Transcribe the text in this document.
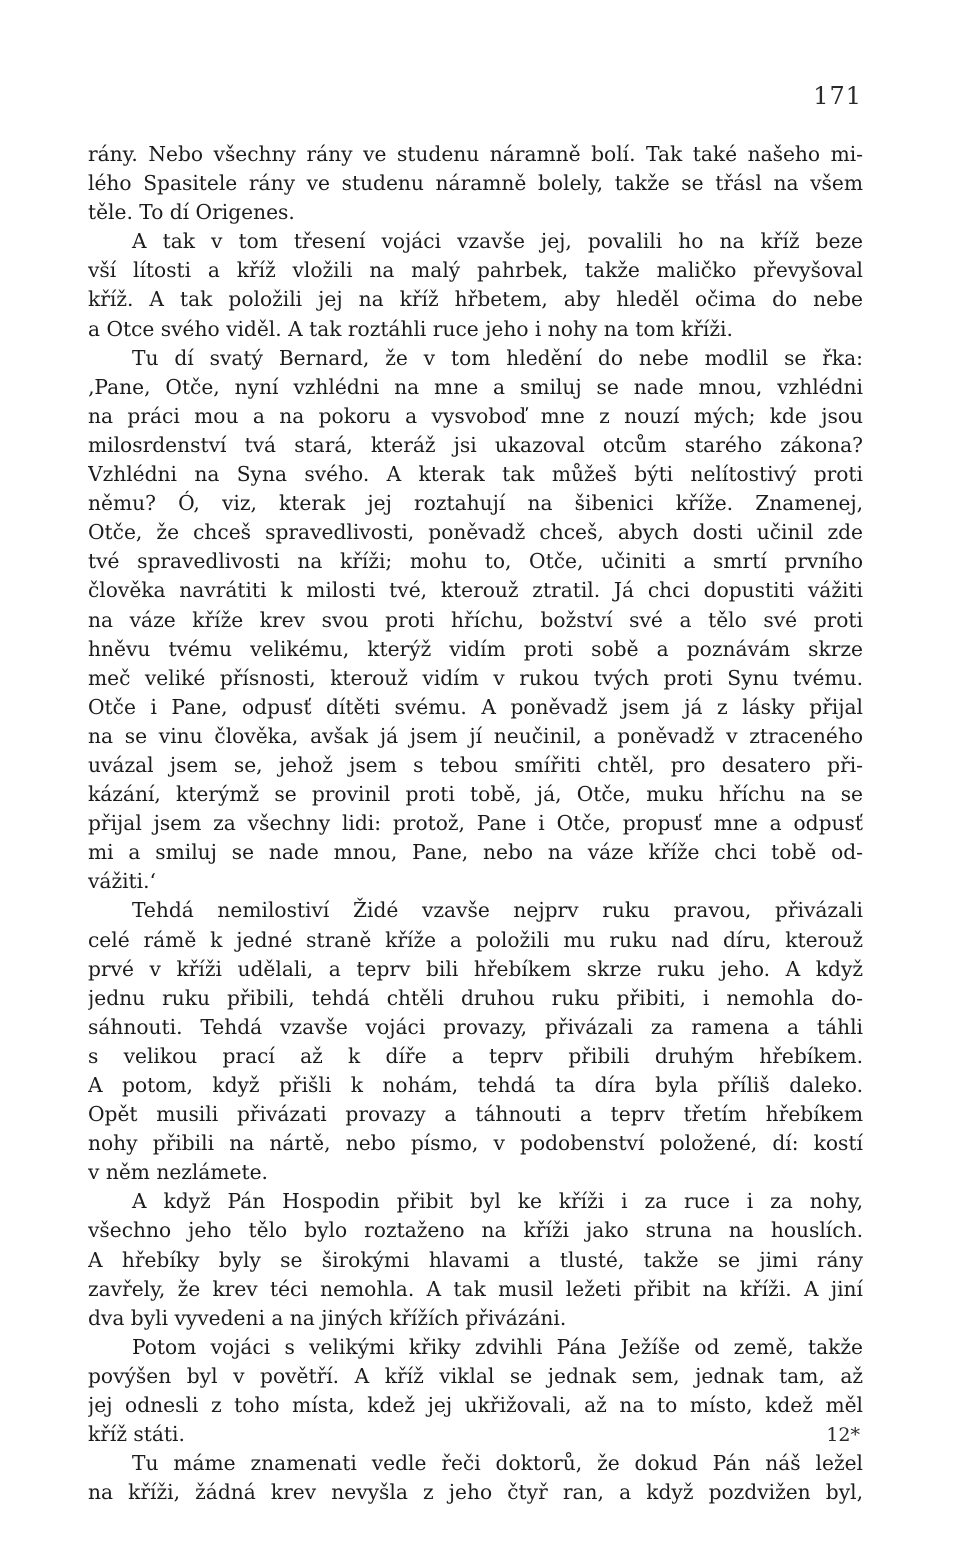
171
rány. Nebo všechny rány ve studenu náramně bolí. Tak také našeho mi-
lého Spasitele rány ve studenu náramně bolely, takže se třásl na všem
těle. To dí Origenes.
A tak v tom třesení vojáci vzavše jej, povalili ho na kříž beze
vší lítosti a kříž vložili na malý pahrbek, takže maličko převyšoval
kříž. A tak položili jej na kříž hřbetem, aby hleděl očima do nebe
a Otce svého viděl. A tak roztáhli ruce jeho i nohy na tom kříži.
Tu dí svatý Bernard, že v tom hledění do nebe modlil se řka:
‚Pane, Otče, nyní vzhlédni na mne a smiluj se nade mnou, vzhlédni
na práci mou a na pokoru a vysvoboď mne z nouzí mých; kde jsou
milosrdenství tvá stará, kteráž jsi ukazoval otcům starého zákona?
Vzhlédni na Syna svého. A kterak tak můžeš býti nelítostivý proti
němu? Ó, viz, kterak jej roztahují na šibenici kříže. Znamenej,
Otče, že chceš spravedlivosti, poněvadž chceš, abych dosti učinil zde
tvé spravedlivosti na kříži; mohu to, Otče, učiniti a smrtí prvního
člověka navrátiti k milosti tvé, kterouž ztratil. Já chci dopustiti vážiti
na váze kříže krev svou proti hříchu, božství své a tělo své proti
hněvu tvému velikému, kterýž vidím proti sobě a poznávám skrze
meč veliké přísnosti, kterouž vidím v rukou tvých proti Synu tvému.
Otče i Pane, odpusť dítěti svému. A poněvadž jsem já z lásky přijal
na se vinu člověka, avšak já jsem jí neučinil, a poněvadž v ztraceného
uvázal jsem se, jehož jsem s tebou smířiti chtěl, pro desatero při-
kázání, kterýmž se provinil proti tobě, já, Otče, muku hříchu na se
přijal jsem za všechny lidi: protož, Pane i Otče, propusť mne a odpusť
mi a smiluj se nade mnou, Pane, nebo na váze kříže chci tobě od-
vážiti.‘
Tehdá nemilostiví Židé vzavše nejprv ruku pravou, přivázali
celé rámě k jedné straně kříže a položili mu ruku nad díru, kterouž
prvé v kříži udělali, a teprv bili hřebíkem skrze ruku jeho. A když
jednu ruku přibili, tehdá chtěli druhou ruku přibiti, i nemohla do-
sáhnouti. Tehdá vzavše vojáci provazy, přivázali za ramena a táhli
s velikou prací až k díře a teprv přibili druhým hřebíkem.
A potom, když přišli k nohám, tehdá ta díra byla příliš daleko.
Opět musili přivázati provazy a táhnouti a teprv třetím hřebíkem
nohy přibili na nártě, nebo písmo, v podobenství položené, dí: kostí
v něm nezlámete.
A když Pán Hospodin přibit byl ke kříži i za ruce i za nohy,
všechno jeho tělo bylo roztaženo na kříži jako struna na houslích.
A hřebíky byly se širokými hlavami a tlusté, takže se jimi rány
zavřely, že krev téci nemohla. A tak musil ležeti přibit na kříži. A jiní
dva byli vyvedeni a na jiných křížích přivázáni.
Potom vojáci s velikými křiky zdvihli Pána Ježíše od země, takže
povýšen byl v povětří. A kříž viklal se jednak sem, jednak tam, až
jej odnesli z toho místa, kdež jej ukřižovali, až na to místo, kdež měl
kříž státi.
Tu máme znamenati vedle řeči doktorů, že dokud Pán náš ležel
na kříži, žádná krev nevyšla z jeho čtyř ran, a když pozdvižen byl,
12*
